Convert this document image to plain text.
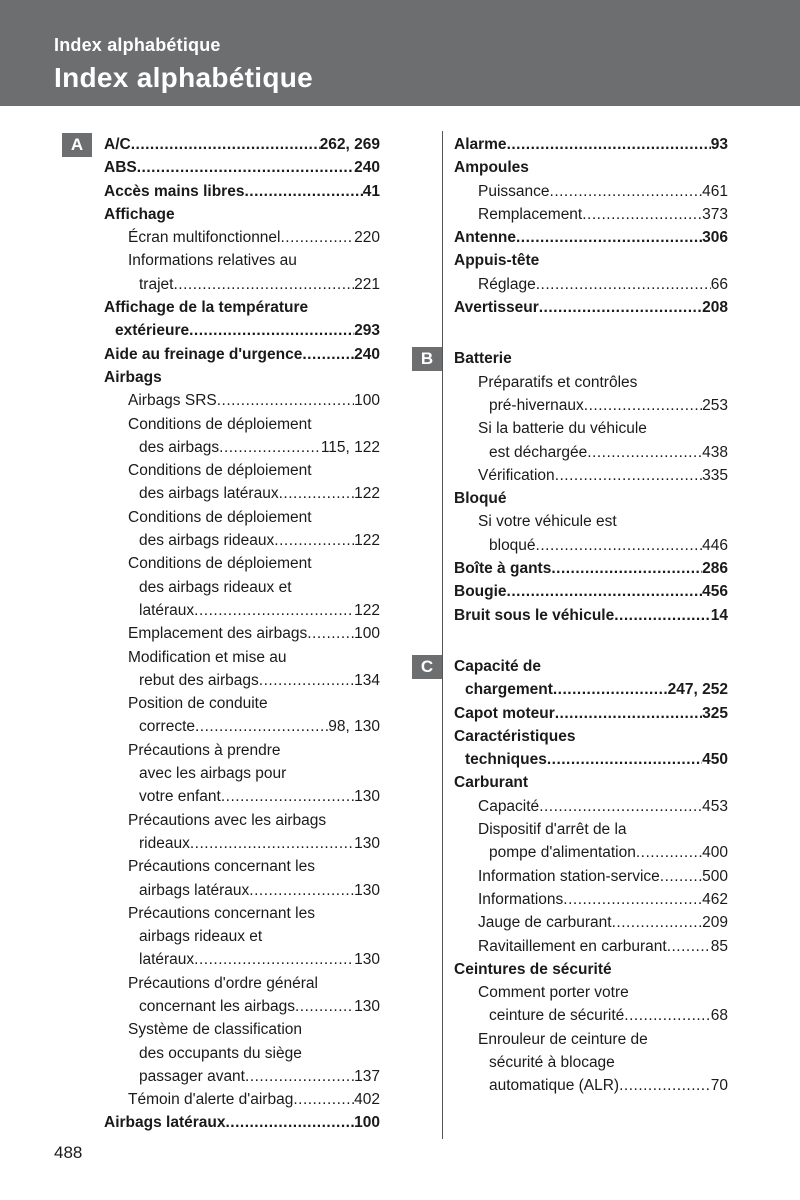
Index alphabétique
Index alphabétique
A	A/C .....	262, 269
ABS .....	240
Accès mains libres .....	41
Affichage
Écran multifonctionnel .....	220
Informations relatives au
trajet .....	221
Affichage de la température
extérieure .....	293
Aide au freinage d'urgence .....	240
Airbags
Airbags SRS .....	100
Conditions de déploiement
des airbags .....	115, 122
Conditions de déploiement
des airbags latéraux .....	122
Conditions de déploiement
des airbags rideaux .....	122
Conditions de déploiement
des airbags rideaux et
latéraux .....	122
Emplacement des airbags .....	100
Modification et mise au
rebut des airbags .....	134
Position de conduite
correcte .....	98, 130
Précautions à prendre
avec les airbags pour
votre enfant .....	130
Précautions avec les airbags
rideaux .....	130
Précautions concernant les
airbags latéraux .....	130
Précautions concernant les
airbags rideaux et
latéraux .....	130
Précautions d'ordre général
concernant les airbags .....	130
Système de classification
des occupants du siège
passager avant .....	137
Témoin d'alerte d'airbag .....	402
Airbags latéraux .....	100
Alarme .....	93
Ampoules
Puissance .....	461
Remplacement .....	373
Antenne .....	306
Appuis-tête
Réglage .....	66
Avertisseur .....	208
B	Batterie
Préparatifs et contrôles
pré-hivernaux .....	253
Si la batterie du véhicule
est déchargée .....	438
Vérification .....	335
Bloqué
Si votre véhicule est
bloqué .....	446
Boîte à gants .....	286
Bougie .....	456
Bruit sous le véhicule .....	14
C	Capacité de
chargement .....	247, 252
Capot moteur .....	325
Caractéristiques
techniques .....	450
Carburant
Capacité .....	453
Dispositif d'arrêt de la
pompe d'alimentation .....	400
Information station-service .....	500
Informations .....	462
Jauge de carburant .....	209
Ravitaillement en carburant .....	85
Ceintures de sécurité
Comment porter votre
ceinture de sécurité .....	68
Enrouleur de ceinture de
sécurité à blocage
automatique (ALR) .....	70
488
